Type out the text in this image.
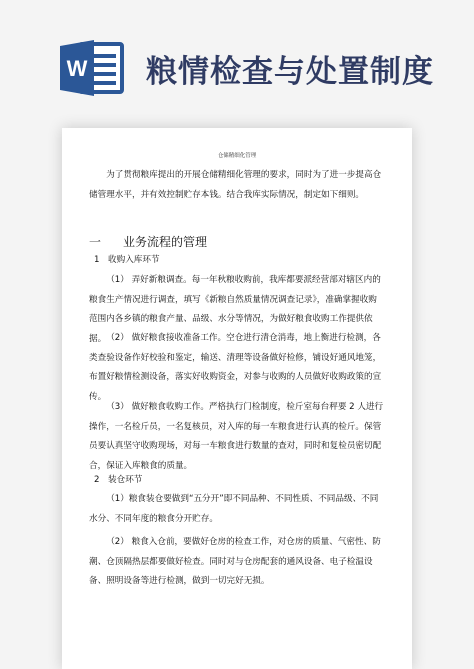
W 粮情检查与处置制度
仓储精细化管理
为了贯彻粮库提出的开展仓储精细化管理的要求，同时为了进一步提高仓储管理水平，并有效控制贮存本钱。结合我库实际情况，制定如下细则。
一 业务流程的管理
1 收购入库环节
（1） 弄好新粮调查。每一年秋粮收购前，我库都要派经营部对辖区内的粮食生产情况进行调查，填写《新粮自然质量情况调查记录》，准确掌握收购范围内各乡镇的粮食产量、品级、水分等情况，为做好粮食收购工作提供依据。 （2） 做好粮食接收准备工作。空仓进行清仓消毒，地上衡进行检测，各类查验设备作好校验和鉴定，输送、清理等设备做好检修，铺设好通风地笼，布置好粮情检测设备，落实好收购资金，对参与收购的人员做好收购政策的宣传。
（3） 做好粮食收购工作。严格执行门检制度，检斤室每台秤要 2 人进行操作，一名检斤员，一名复核员，对入库的每一车粮食进行认真的检斤。保管员要认真坚守收购现场，对每一车粮食进行数量的查对，同时和复检员密切配合，保证入库粮食的质量。
2 装仓环节
（1）粮食装仓要做到“五分开”即不同品种、不同性质、不同品级、不同水分、不同年度的粮食分开贮存。
（2） 粮食入仓前，要做好仓房的检查工作，对仓房的质量、气密性、防潮、仓顶隔热层都要做好检查。同时对与仓房配套的通风设备、电子检温设备、照明设备等进行检测，做到一切完好无损。
